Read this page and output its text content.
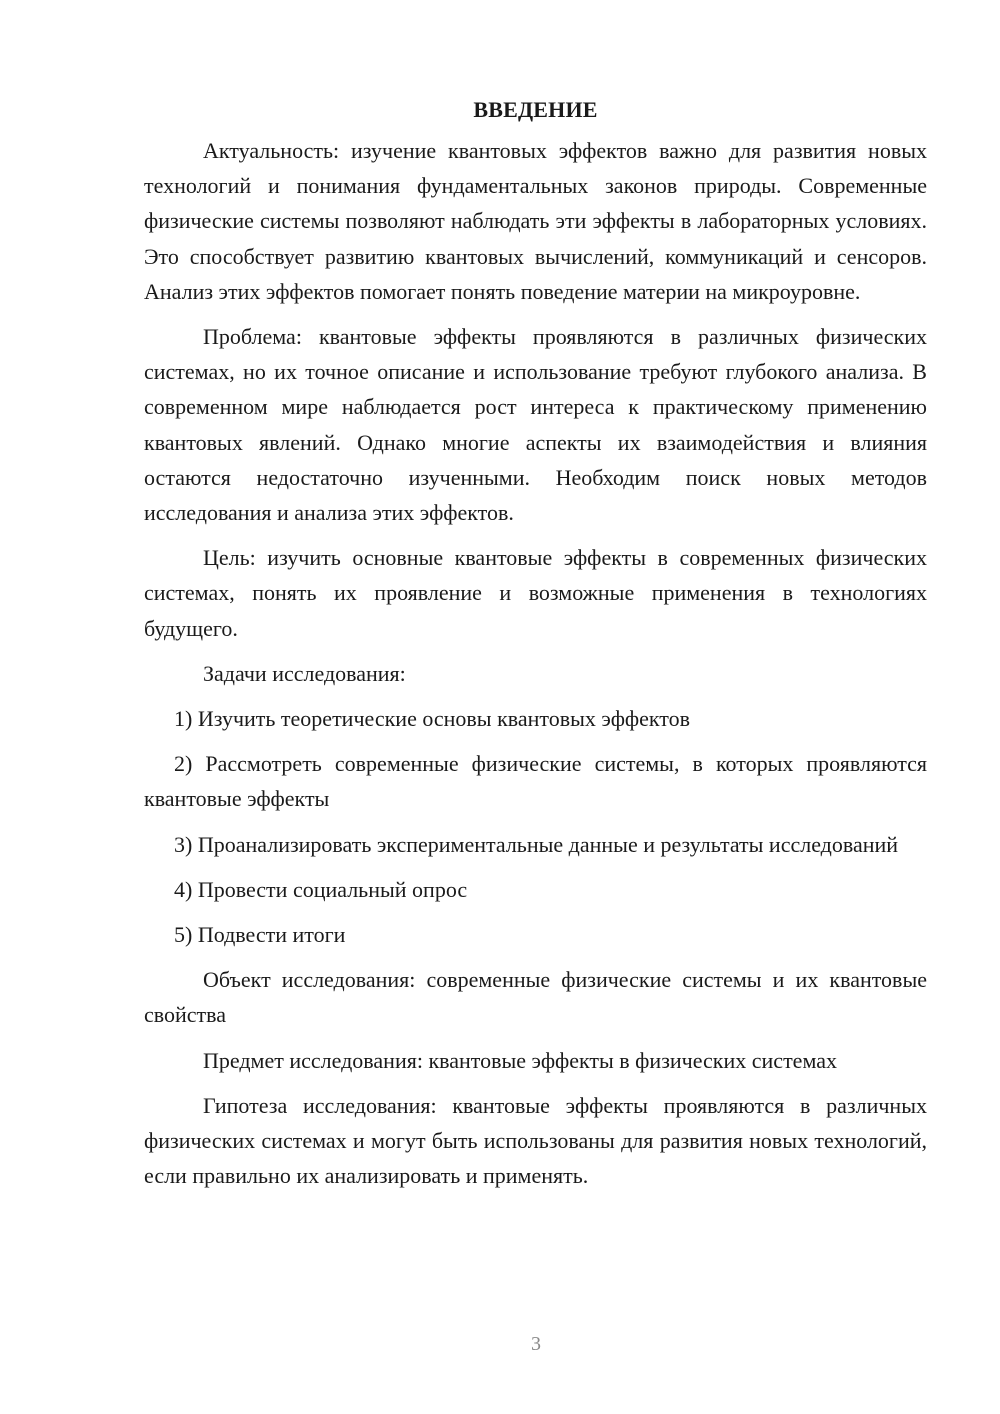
ВВЕДЕНИЕ

Актуальность: изучение квантовых эффектов важно для развития новых технологий и понимания фундаментальных законов природы. Современные физические системы позволяют наблюдать эти эффекты в лабораторных условиях. Это способствует развитию квантовых вычислений, коммуникаций и сенсоров. Анализ этих эффектов помогает понять поведение материи на микроуровне.

Проблема: квантовые эффекты проявляются в различных физических системах, но их точное описание и использование требуют глубокого анализа. В современном мире наблюдается рост интереса к практическому применению квантовых явлений. Однако многие аспекты их взаимодействия и влияния остаются недостаточно изученными. Необходим поиск новых методов исследования и анализа этих эффектов.

Цель: изучить основные квантовые эффекты в современных физических системах, понять их проявление и возможные применения в технологиях будущего.

Задачи исследования:

1) Изучить теоретические основы квантовых эффектов

2) Рассмотреть современные физические системы, в которых проявляются квантовые эффекты

3) Проанализировать экспериментальные данные и результаты исследований

4) Провести социальный опрос

5) Подвести итоги

Объект исследования: современные физические системы и их квантовые свойства

Предмет исследования: квантовые эффекты в физических системах

Гипотеза исследования: квантовые эффекты проявляются в различных физических системах и могут быть использованы для развития новых технологий, если правильно их анализировать и применять.

3
